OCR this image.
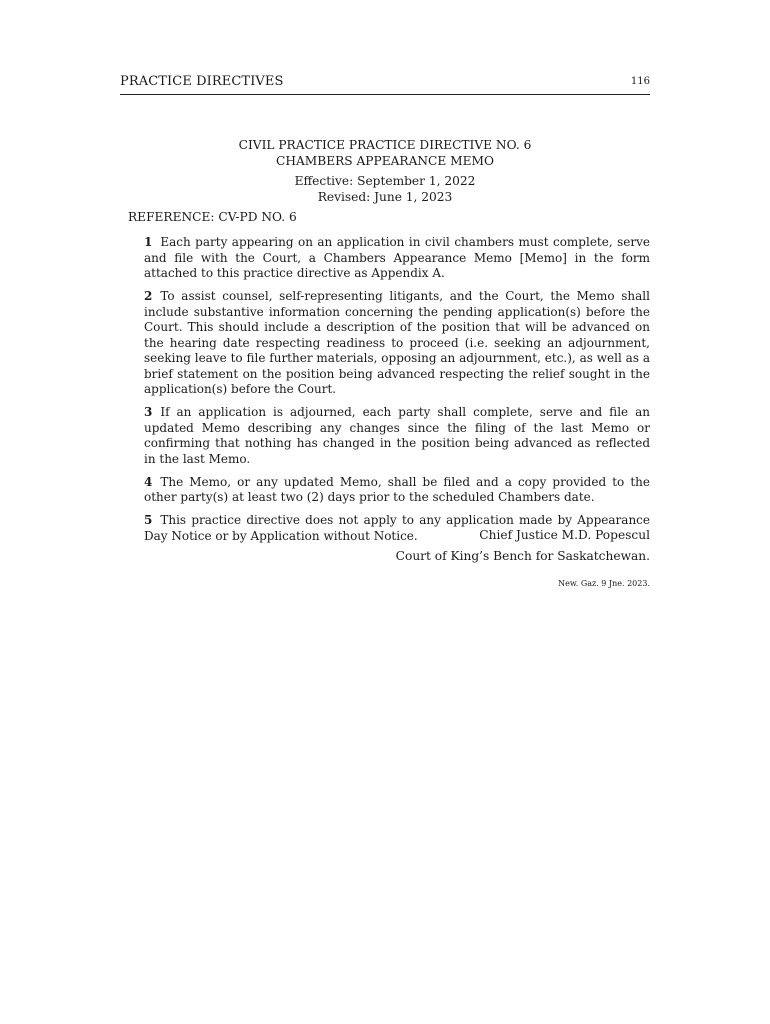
PRACTICE DIRECTIVES	116
CIVIL PRACTICE PRACTICE DIRECTIVE NO. 6
CHAMBERS APPEARANCE MEMO
Effective: September 1, 2022
Revised: June 1, 2023
REFERENCE: CV-PD NO. 6

1 Each party appearing on an application in civil chambers must complete, serve and file with the Court, a Chambers Appearance Memo [Memo] in the form attached to this practice directive as Appendix A.

2 To assist counsel, self-representing litigants, and the Court, the Memo shall include substantive information concerning the pending application(s) before the Court. This should include a description of the position that will be advanced on the hearing date respecting readiness to proceed (i.e. seeking an adjournment, seeking leave to file further materials, opposing an adjournment, etc.), as well as a brief statement on the position being advanced respecting the relief sought in the application(s) before the Court.

3 If an application is adjourned, each party shall complete, serve and file an updated Memo describing any changes since the filing of the last Memo or confirming that nothing has changed in the position being advanced as reflected in the last Memo.

4 The Memo, or any updated Memo, shall be filed and a copy provided to the other party(s) at least two (2) days prior to the scheduled Chambers date.

5 This practice directive does not apply to any application made by Appearance Day Notice or by Application without Notice.	Chief Justice M.D. Popescul
Court of King’s Bench for Saskatchewan.
New. Gaz. 9 Jne. 2023.
